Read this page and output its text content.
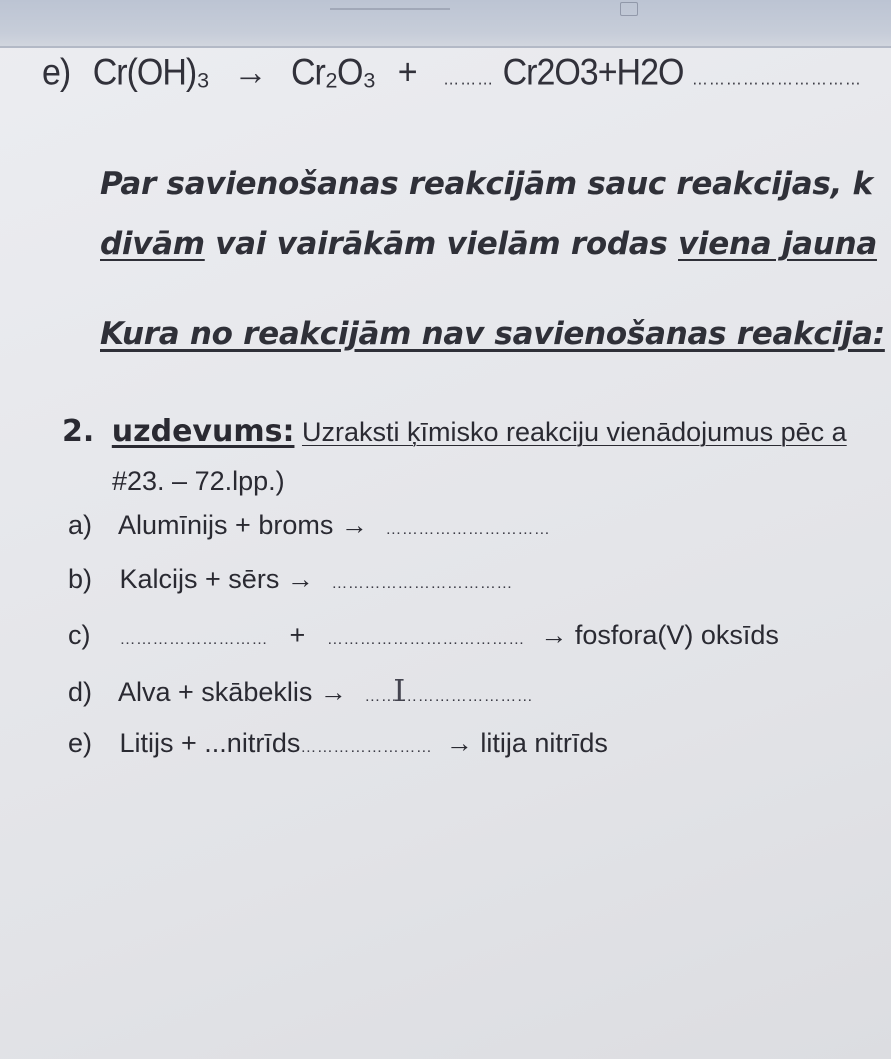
e) Cr(OH)₃ → Cr₂O₃ + ……… Cr2O3+H2O …………………………
Par savienošanas reakcijām sauc reakcijas, k
divām vai vairākām vielām rodas viena jauna
Kura no reakcijām nav savienošanas reakcija:
2. uzdevums: Uzraksti ķīmisko reakciju vienādojumus pēc a
#23. – 72.lpp.)
a) Alumīnijs + broms → …………………………
b) Kalcijs + sērs → ……………………………
c) ……………………… + ……………………………… → fosfora(V) oksīds
d) Alva + skābeklis → ……I……………………
e) Litijs + ...nitrīds…………………… → litija nitrīds
